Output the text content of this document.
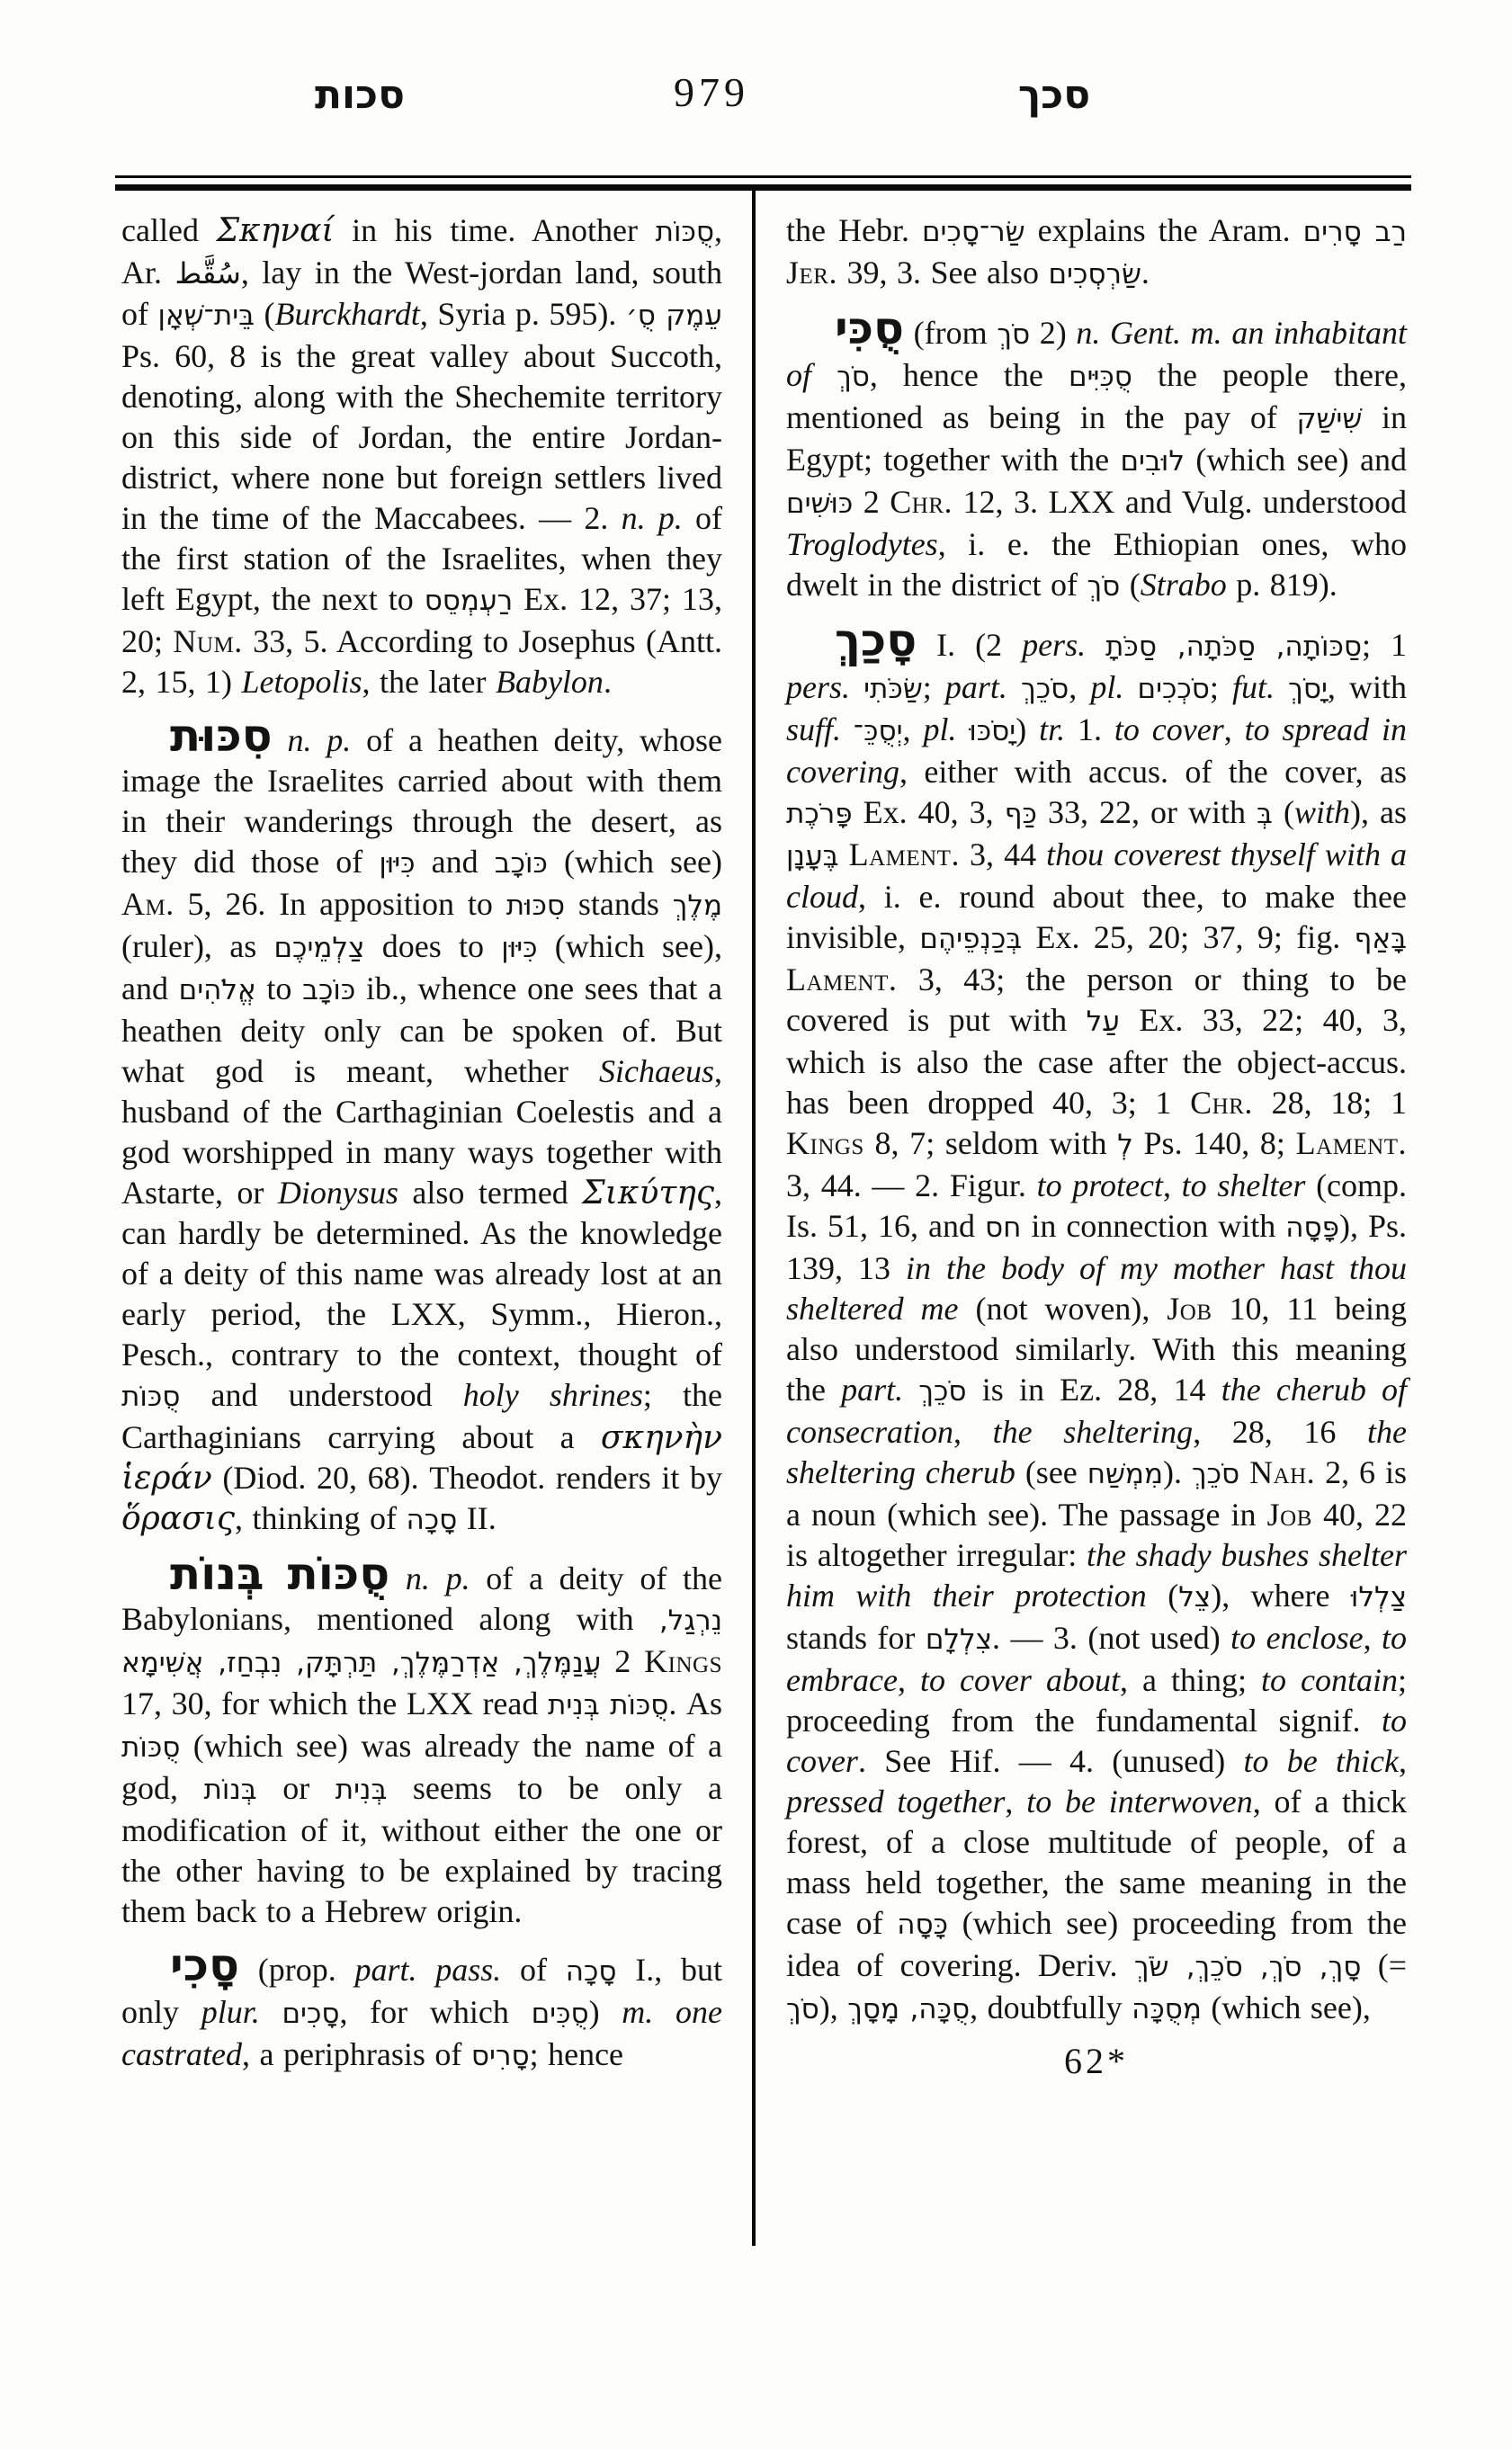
סכות	979	סכך

called Σκηναί in his time. Another סֻכּוֹת, Ar. سُقَّط, lay in the West-jordan land, south of בֵּית־שְׁאָן (Burckhardt, Syria p. 595). עֵמֶק סֻ׳ Ps. 60, 8 is the great valley about Succoth, denoting, along with the Shechemite territory on this side of Jordan, the entire Jordan-district, where none but foreign settlers lived in the time of the Maccabees. — 2. n. p. of the first station of the Israelites, when they left Egypt, the next to רַעְמְסֵס Ex. 12, 37; 13, 20; Num. 33, 5. According to Josephus (Antt. 2, 15, 1) Letopolis, the later Babylon.

סִכּוּת n. p. of a heathen deity, whose image the Israelites carried about with them in their wanderings through the desert, as they did those of כִּיּוּן and כּוֹכָב (which see) Am. 5, 26. In apposition to סִכּוּת stands מֶלֶךְ (ruler), as צַלְמֵיכֶם does to כִּיּוּן (which see), and אֱלֹהִים to כּוֹכָב ib., whence one sees that a heathen deity only can be spoken of. But what god is meant, whether Sichaeus, husband of the Carthaginian Coelestis and a god worshipped in many ways together with Astarte, or Dionysus also termed Σικύτης, can hardly be determined. As the knowledge of a deity of this name was already lost at an early period, the LXX, Symm., Hieron., Pesch., contrary to the context, thought of סֻכּוֹת and understood holy shrines; the Carthaginians carrying about a σκηνὴν ἱεράν (Diod. 20, 68). Theodot. renders it by ὅρασις, thinking of סָכָה II.

סֻכּוֹת בְּנוֹת n. p. of a deity of the Babylonians, mentioned along with נֵרְגַל, עֲנַמֶּלֶךְ, אַדְרַמֶּלֶךְ, תַּרְתָּק, נִבְחַז, אֲשִׁימָא 2 Kings 17, 30, for which the LXX read סֻכּוֹת בְּנִית. As סֻכּוֹת (which see) was already the name of a god, בְּנוֹת or בְּנִית seems to be only a modification of it, without either the one or the other having to be explained by tracing them back to a Hebrew origin.

סָכִי (prop. part. pass. of סָכָה I., but only plur. סָכִים, for which סֻכִּים) m. one castrated, a periphrasis of סָרִיס; hence

the Hebr. שַׂר־סָכִים explains the Aram. רַב סָרִים Jer. 39, 3. See also שַׂרְסְכִים.

סֻכִּי (from סֹךְ 2) n. Gent. m. an inhabitant of סֹךְ, hence the סֻכִּיִּים the people there, mentioned as being in the pay of שִׁישַׁק in Egypt; together with the לוּבִים (which see) and כּוּשִׁים 2 Chr. 12, 3. LXX and Vulg. understood Troglodytes, i. e. the Ethiopian ones, who dwelt in the district of סֹךְ (Strabo p. 819).

סָכַךְ I. (2 pers. סַכּוֹתָה, סַכֹּתָה, סַכֹּתָ; 1 pers. שַׂכֹּתִי; part. סֹכֵךְ, pl. סֹכְכִים; fut. יָסֹךְ, with suff. יְסֻכֵּ־, pl. יָסֹכּוּ) tr. 1. to cover, to spread in covering, either with accus. of the cover, as פָּרֹכֶת Ex. 40, 3, כַּף 33, 22, or with בְּ (with), as בֶּעָנָן Lament. 3, 44 thou coverest thyself with a cloud, i. e. round about thee, to make thee invisible, בְּכַנְפֵיהֶם Ex. 25, 20; 37, 9; fig. בָּאַף Lament. 3, 43; the person or thing to be covered is put with עַל Ex. 33, 22; 40, 3, which is also the case after the object-accus. has been dropped 40, 3; 1 Chr. 28, 18; 1 Kings 8, 7; seldom with לְ Ps. 140, 8; Lament. 3, 44. — 2. Figur. to protect, to shelter (comp. Is. 51, 16, and חס in connection with פָּסָה), Ps. 139, 13 in the body of my mother hast thou sheltered me (not woven), Job 10, 11 being also understood similarly. With this meaning the part. סֹכֵךְ is in Ez. 28, 14 the cherub of consecration, the sheltering, 28, 16 the sheltering cherub (see מִמְשַׁח). סֹכֵךְ Nah. 2, 6 is a noun (which see). The passage in Job 40, 22 is altogether irregular: the shady bushes shelter him with their protection (צֵל), where צַלְלוּ stands for צִלְלָם. — 3. (not used) to enclose, to embrace, to cover about, a thing; to contain; proceeding from the fundamental signif. to cover. See Hif. — 4. (unused) to be thick, pressed together, to be interwoven, of a thick forest, of a close multitude of people, of a mass held together, the same meaning in the case of כָּסָה (which see) proceeding from the idea of covering. Deriv. סָךְ, סֹךְ, סֹכֵךְ, שֹׂךְ (= סֹךְ), סֻכָּה, מָסָךְ, doubtfully מְסֻכָּה (which see),

62*
